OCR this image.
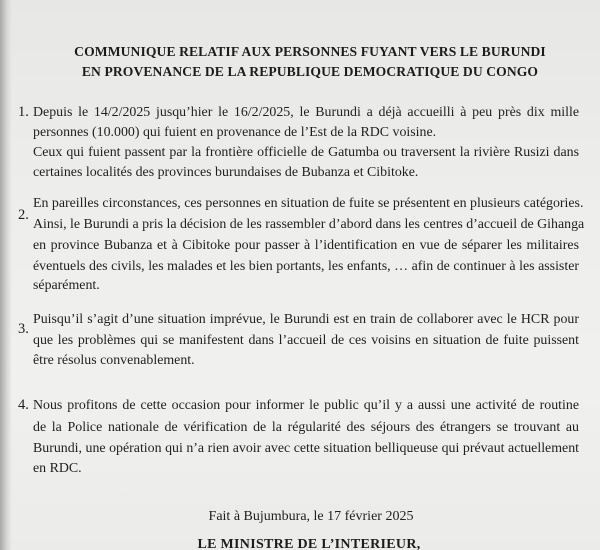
COMMUNIQUE RELATIF AUX PERSONNES FUYANT VERS LE BURUNDI
EN PROVENANCE DE LA REPUBLIQUE DEMOCRATIQUE DU CONGO
1. Depuis le 14/2/2025 jusqu’hier le 16/2/2025, le Burundi a déjà accueilli à peu près dix mille
personnes (10.000) qui fuient en provenance de l’Est de la RDC voisine.
Ceux qui fuient passent par la frontière officielle de Gatumba ou traversent la rivière Rusizi dans
certaines localités des provinces burundaises de Bubanza et Cibitoke.
2.
En pareilles circonstances, ces personnes en situation de fuite se présentent en plusieurs catégories.
Ainsi, le Burundi a pris la décision de les rassembler d’abord dans les centres d’accueil de Gihanga
en province Bubanza et à Cibitoke pour passer à l’identification en vue de séparer les militaires
éventuels des civils, les malades et les bien portants, les enfants, … afin de continuer à les assister
séparément.
3.
Puisqu’il s’agit d’une situation imprévue, le Burundi est en train de collaborer avec le HCR pour
que les problèmes qui se manifestent dans l’accueil de ces voisins en situation de fuite puissent
être résolus convenablement.
4. Nous profitons de cette occasion pour informer le public qu’il y a aussi une activité de routine
de la Police nationale de vérification de la régularité des séjours des étrangers se trouvant au
Burundi, une opération qui n’a rien avoir avec cette situation belliqueuse qui prévaut actuellement
en RDC.
Fait à Bujumbura, le 17 février 2025
LE MINISTRE DE L’INTERIEUR,
